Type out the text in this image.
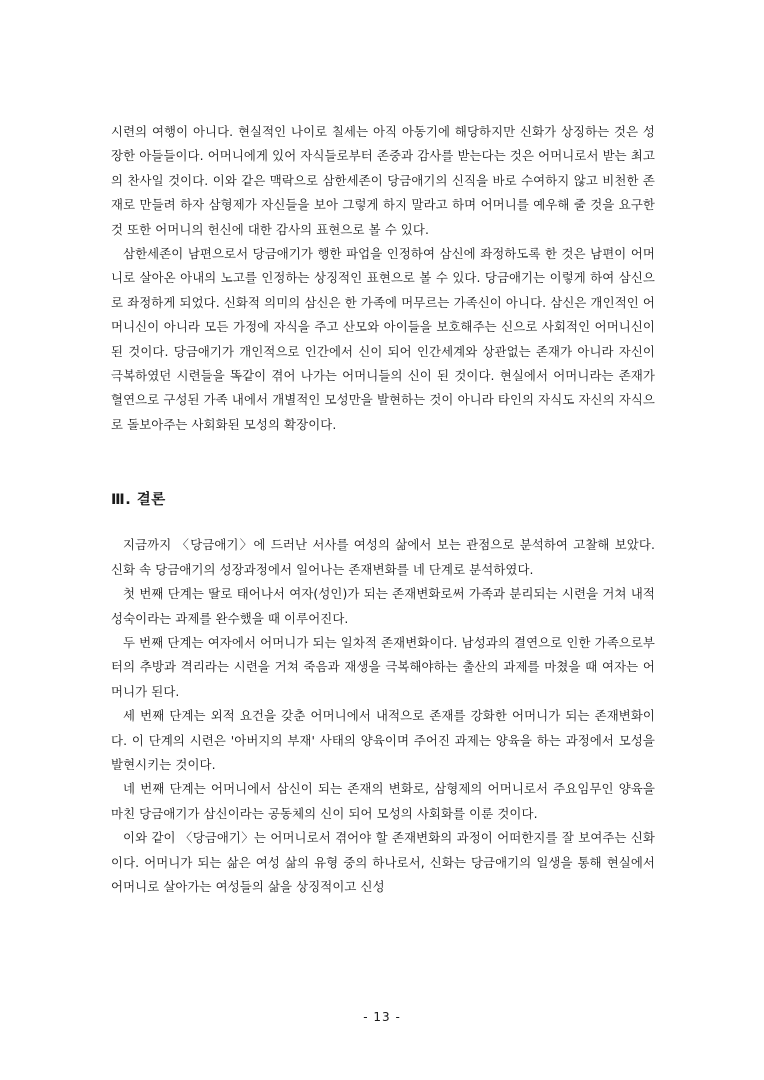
시련의 여행이 아니다. 현실적인 나이로 칠세는 아직 아동기에 해당하지만 신화가 상징하는 것은 성장한 아들들이다. 어머니에게 있어 자식들로부터 존중과 감사를 받는다는 것은 어머니로서 받는 최고의 찬사일 것이다. 이와 같은 맥락으로 삼한세존이 당금애기의 신직을 바로 수여하지 않고 비천한 존재로 만들려 하자 삼형제가 자신들을 보아 그렇게 하지 말라고 하며 어머니를 예우해 줄 것을 요구한 것 또한 어머니의 헌신에 대한 감사의 표현으로 볼 수 있다.

삼한세존이 남편으로서 당금애기가 행한 파업을 인정하여 삼신에 좌정하도록 한 것은 남편이 어머니로 살아온 아내의 노고를 인정하는 상징적인 표현으로 볼 수 있다. 당금애기는 이렇게 하여 삼신으로 좌정하게 되었다. 신화적 의미의 삼신은 한 가족에 머무르는 가족신이 아니다. 삼신은 개인적인 어머니신이 아니라 모든 가정에 자식을 주고 산모와 아이들을 보호해주는 신으로 사회적인 어머니신이 된 것이다. 당금애기가 개인적으로 인간에서 신이 되어 인간세계와 상관없는 존재가 아니라 자신이 극복하였던 시련들을 똑같이 겪어 나가는 어머니들의 신이 된 것이다. 현실에서 어머니라는 존재가 혈연으로 구성된 가족 내에서 개별적인 모성만을 발현하는 것이 아니라 타인의 자식도 자신의 자식으로 돌보아주는 사회화된 모성의 확장이다.

Ⅲ. 결론

지금까지 〈당금애기〉에 드러난 서사를 여성의 삶에서 보는 관점으로 분석하여 고찰해 보았다. 신화 속 당금애기의 성장과정에서 일어나는 존재변화를 네 단계로 분석하였다.

첫 번째 단계는 딸로 태어나서 여자(성인)가 되는 존재변화로써 가족과 분리되는 시련을 거쳐 내적성숙이라는 과제를 완수했을 때 이루어진다.

두 번째 단계는 여자에서 어머니가 되는 일차적 존재변화이다. 남성과의 결연으로 인한 가족으로부터의 추방과 격리라는 시련을 거쳐 죽음과 재생을 극복해야하는 출산의 과제를 마쳤을 때 여자는 어머니가 된다.

세 번째 단계는 외적 요건을 갖춘 어머니에서 내적으로 존재를 강화한 어머니가 되는 존재변화이다. 이 단계의 시련은 '아버지의 부재' 사태의 양육이며 주어진 과제는 양육을 하는 과정에서 모성을 발현시키는 것이다.

네 번째 단계는 어머니에서 삼신이 되는 존재의 변화로, 삼형제의 어머니로서 주요임무인 양육을 마친 당금애기가 삼신이라는 공동체의 신이 되어 모성의 사회화를 이룬 것이다.

이와 같이 〈당금애기〉는 어머니로서 겪어야 할 존재변화의 과정이 어떠한지를 잘 보여주는 신화이다. 어머니가 되는 삶은 여성 삶의 유형 중의 하나로서, 신화는 당금애기의 일생을 통해 현실에서 어머니로 살아가는 여성들의 삶을 상징적이고 신성

- 13 -
